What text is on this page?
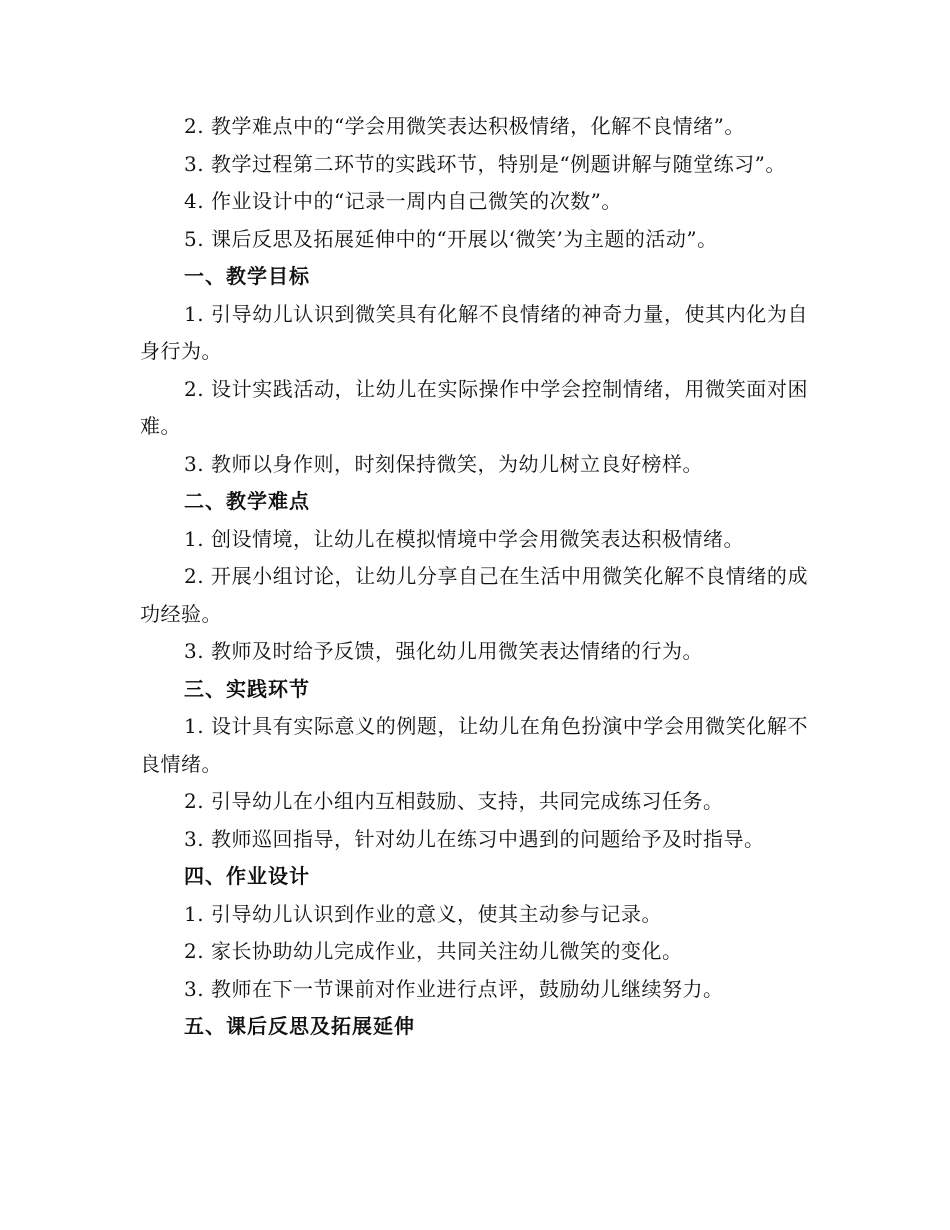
2. 教学难点中的“学会用微笑表达积极情绪，化解不良情绪”。

3. 教学过程第二环节的实践环节，特别是“例题讲解与随堂练习”。

4. 作业设计中的“记录一周内自己微笑的次数”。

5. 课后反思及拓展延伸中的“开展以‘微笑’为主题的活动”。

一、教学目标

1. 引导幼儿认识到微笑具有化解不良情绪的神奇力量，使其内化为自身行为。

2. 设计实践活动，让幼儿在实际操作中学会控制情绪，用微笑面对困难。

3. 教师以身作则，时刻保持微笑，为幼儿树立良好榜样。

二、教学难点

1. 创设情境，让幼儿在模拟情境中学会用微笑表达积极情绪。

2. 开展小组讨论，让幼儿分享自己在生活中用微笑化解不良情绪的成功经验。

3. 教师及时给予反馈，强化幼儿用微笑表达情绪的行为。

三、实践环节

1. 设计具有实际意义的例题，让幼儿在角色扮演中学会用微笑化解不良情绪。

2. 引导幼儿在小组内互相鼓励、支持，共同完成练习任务。

3. 教师巡回指导，针对幼儿在练习中遇到的问题给予及时指导。

四、作业设计

1. 引导幼儿认识到作业的意义，使其主动参与记录。

2. 家长协助幼儿完成作业，共同关注幼儿微笑的变化。

3. 教师在下一节课前对作业进行点评，鼓励幼儿继续努力。

五、课后反思及拓展延伸
